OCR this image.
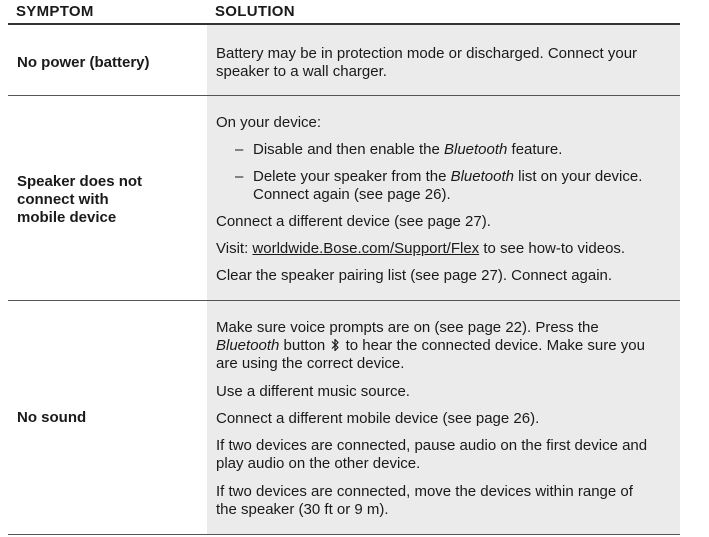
SYMPTOM	SOLUTION
No power (battery)
Battery may be in protection mode or discharged. Connect your
speaker to a wall charger.
Speaker does not
connect with
mobile device
On your device:
– Disable and then enable the Bluetooth feature.
– Delete your speaker from the Bluetooth list on your device.
Connect again (see page 26).
Connect a different device (see page 27).
Visit: worldwide.Bose.com/Support/Flex to see how-to videos.
Clear the speaker pairing list (see page 27). Connect again.
No sound
Make sure voice prompts are on (see page 22). Press the
Bluetooth button  to hear the connected device. Make sure you
are using the correct device.
Use a different music source.
Connect a different mobile device (see page 26).
If two devices are connected, pause audio on the first device and
play audio on the other device.
If two devices are connected, move the devices within range of
the speaker (30 ft or 9 m).
